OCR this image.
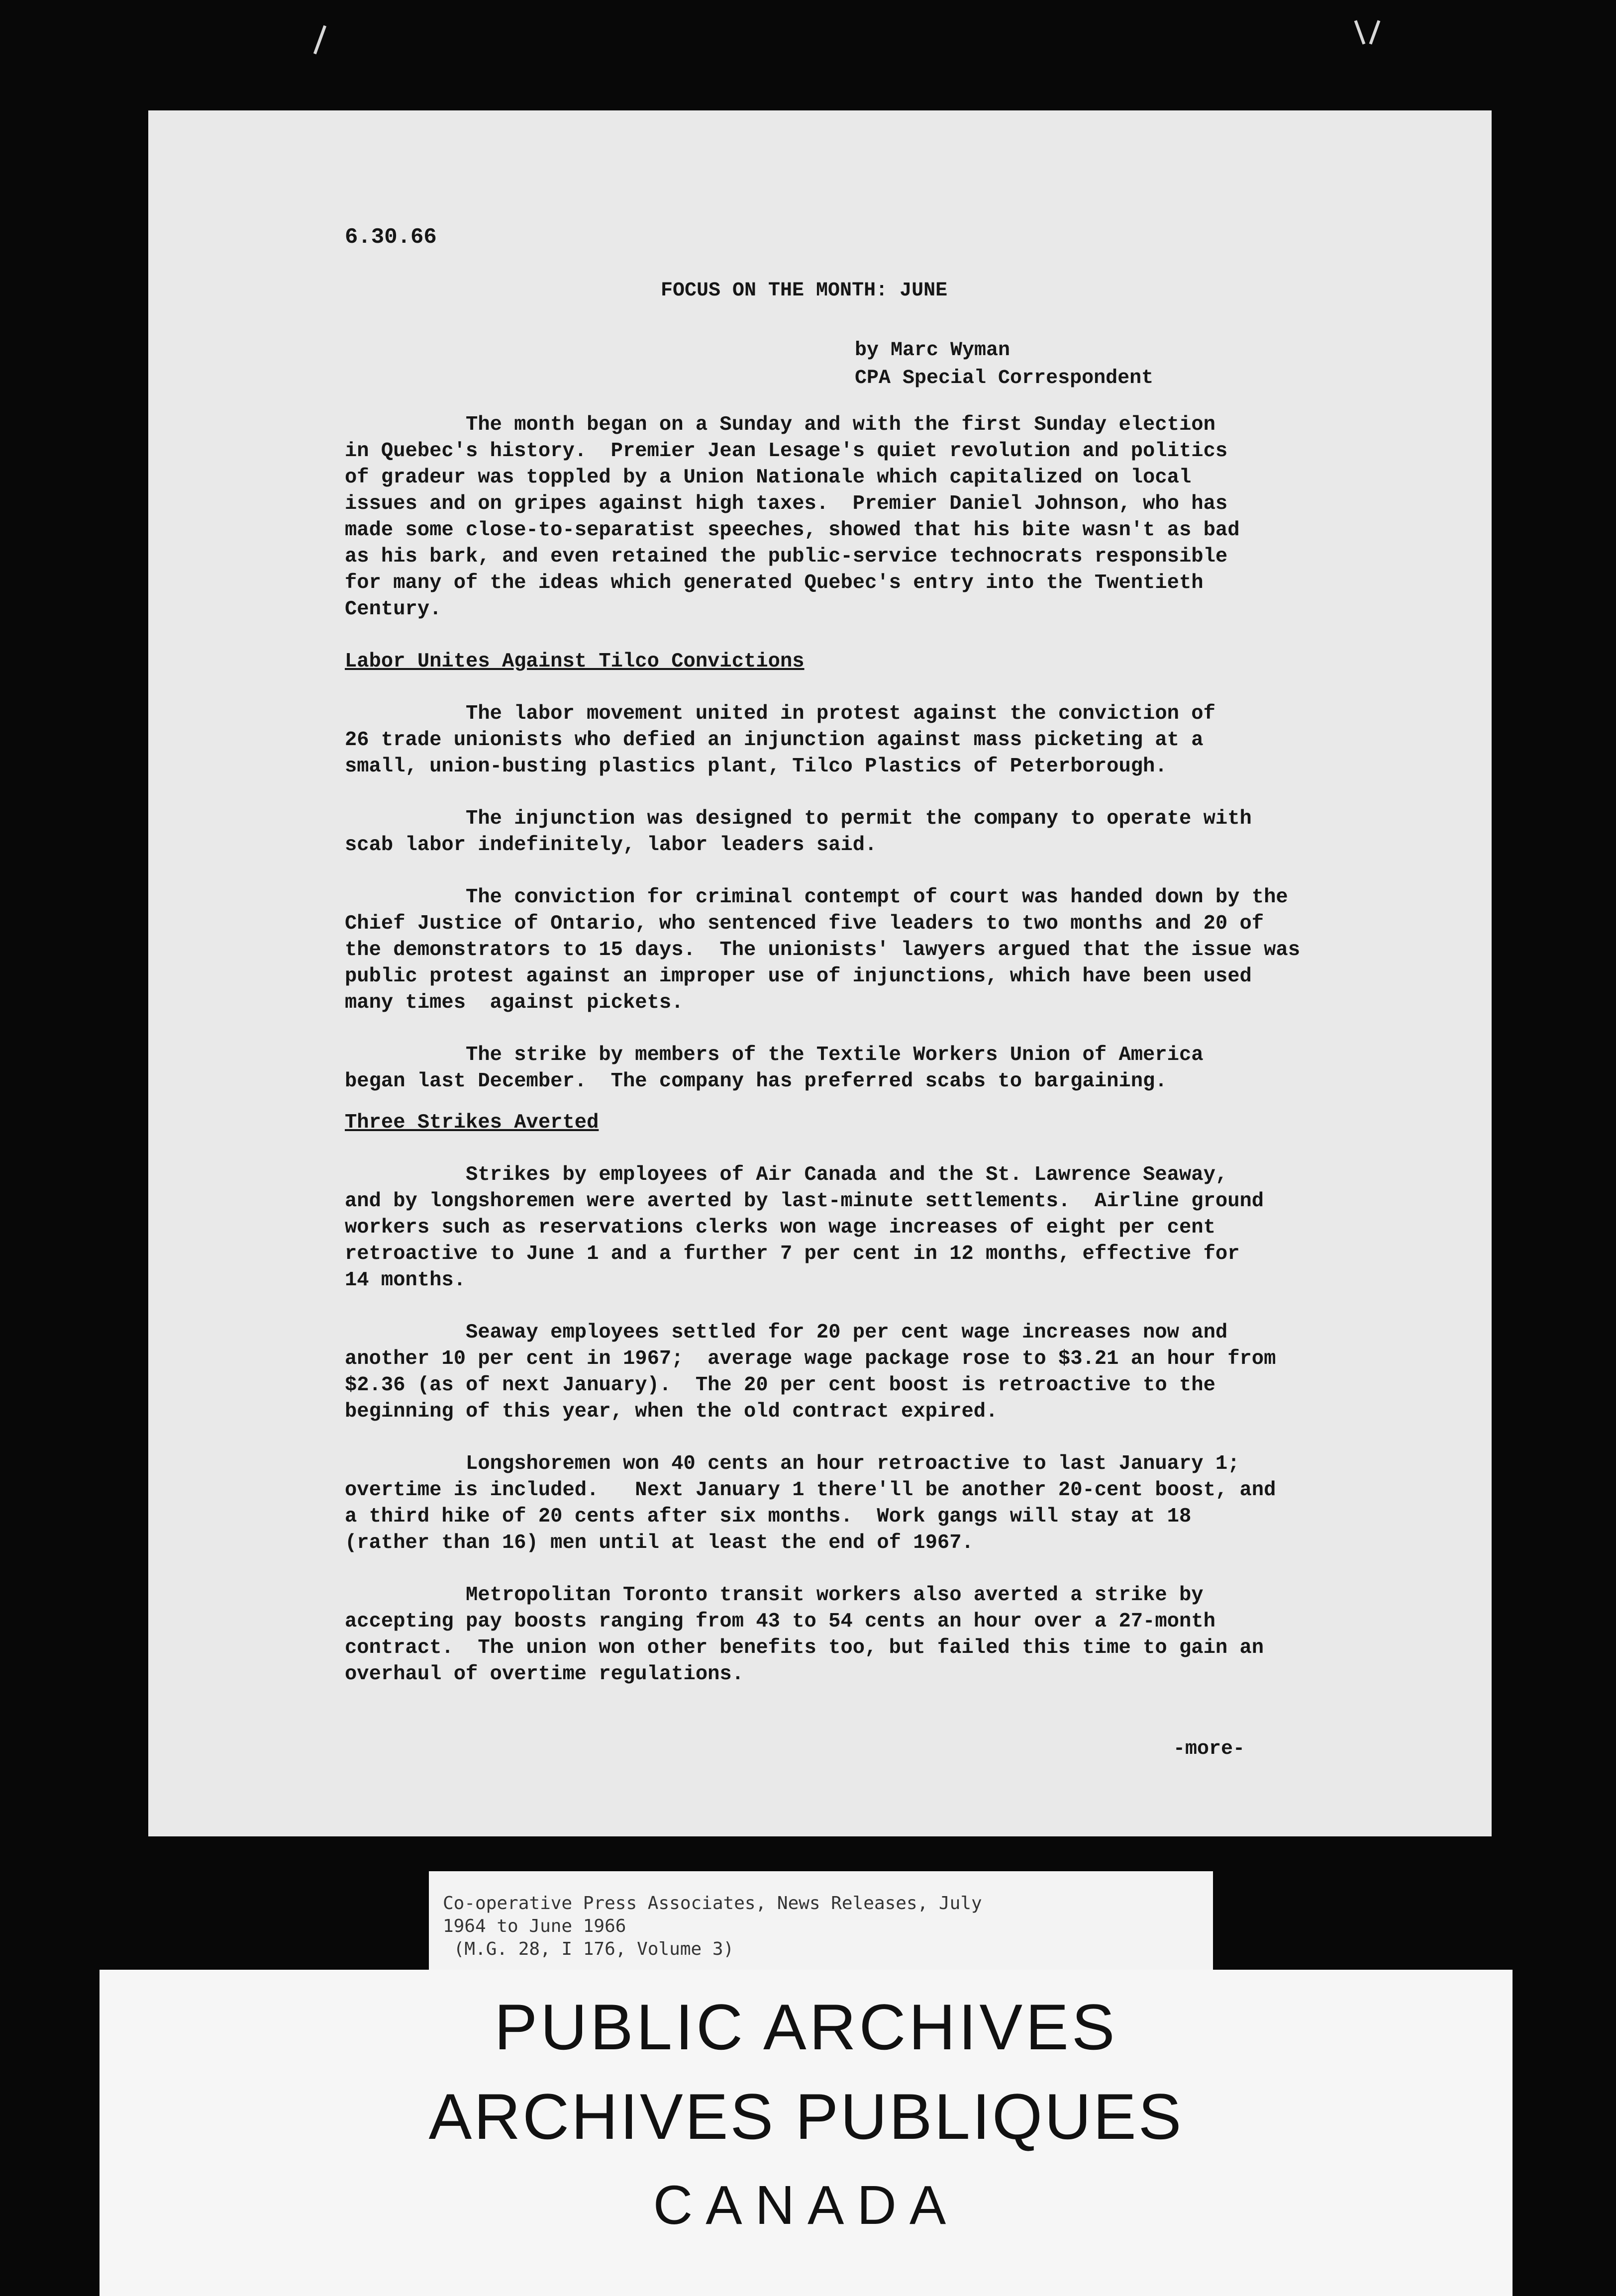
6.30.66
FOCUS ON THE MONTH: JUNE
by Marc Wyman
CPA Special Correspondent

The month began on a Sunday and with the first Sunday election
in Quebec's history.  Premier Jean Lesage's quiet revolution and politics
of gradeur was toppled by a Union Nationale which capitalized on local
issues and on gripes against high taxes.  Premier Daniel Johnson, who has
made some close-to-separatist speeches, showed that his bite wasn't as bad
as his bark, and even retained the public-service technocrats responsible
for many of the ideas which generated Quebec's entry into the Twentieth
Century.

Labor Unites Against Tilco Convictions

The labor movement united in protest against the conviction of
26 trade unionists who defied an injunction against mass picketing at a
small, union-busting plastics plant, Tilco Plastics of Peterborough.

The injunction was designed to permit the company to operate with
scab labor indefinitely, labor leaders said.

The conviction for criminal contempt of court was handed down by the
Chief Justice of Ontario, who sentenced five leaders to two months and 20 of
the demonstrators to 15 days.  The unionists' lawyers argued that the issue was
public protest against an improper use of injunctions, which have been used
many times  against pickets.

The strike by members of the Textile Workers Union of America
began last December.  The company has preferred scabs to bargaining.

Three Strikes Averted

Strikes by employees of Air Canada and the St. Lawrence Seaway,
and by longshoremen were averted by last-minute settlements.  Airline ground
workers such as reservations clerks won wage increases of eight per cent
retroactive to June 1 and a further 7 per cent in 12 months, effective for
14 months.

Seaway employees settled for 20 per cent wage increases now and
another 10 per cent in 1967;  average wage package rose to $3.21 an hour from
$2.36 (as of next January).  The 20 per cent boost is retroactive to the
beginning of this year, when the old contract expired.

Longshoremen won 40 cents an hour retroactive to last January 1;
overtime is included.   Next January 1 there'll be another 20-cent boost, and
a third hike of 20 cents after six months.  Work gangs will stay at 18
(rather than 16) men until at least the end of 1967.

Metropolitan Toronto transit workers also averted a strike by
accepting pay boosts ranging from 43 to 54 cents an hour over a 27-month
contract.  The union won other benefits too, but failed this time to gain an
overhaul of overtime regulations.

-more-
Co-operative Press Associates, News Releases, July
1964 to June 1966
(M.G. 28, I 176, Volume 3)
PUBLIC ARCHIVES
ARCHIVES PUBLIQUES
CANADA
